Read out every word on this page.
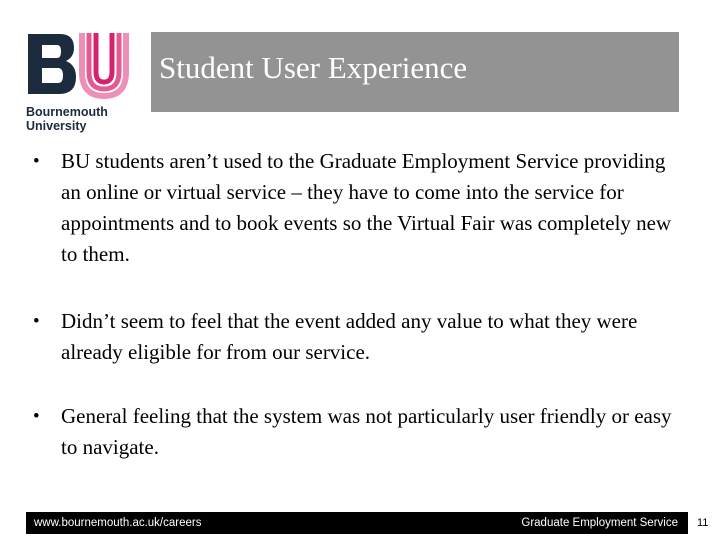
Bournemouth
University
Student User Experience
• BU students aren’t used to the Graduate Employment Service providing an online or virtual service – they have to come into the service for appointments and to book events so the Virtual Fair was completely new to them.
• Didn’t seem to feel that the event added any value to what they were already eligible for from our service.
• General feeling that the system was not particularly user friendly or easy to navigate.
www.bournemouth.ac.uk/careers	Graduate Employment Service 11
